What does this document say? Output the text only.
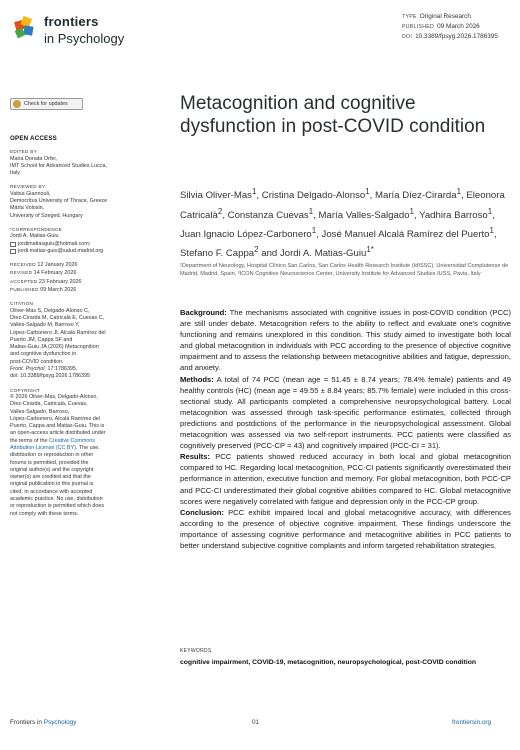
frontiers
in Psychology
TYPE Original Research
PUBLISHED 09 March 2026
DOI 10.3389/fpsyg.2026.1786395
Check for updates
OPEN ACCESS
EDITED BY
Maria Donata Orfei,
IMT School for Advanced Studies Lucca,
Italy
REVIEWED BY
Vaitsa Giannouli,
Democritus University of Thrace, Greece
Márta Volosin,
University of Szeged, Hungary
*CORRESPONDENCE
Jordi A. Matias-Guiu
jordimatiasguiu@hotmail.com;
jordi.matias-guiu@salud.madrid.org
RECEIVED 12 January 2026
REVISED 14 February 2026
ACCEPTED 23 February 2026
PUBLISHED 09 March 2026
CITATION
Oliver-Mas S, Delgado-Alonso C,
Díez-Cirarda M, Catricalà E, Cuevas C,
Valles-Salgado M, Barroso Y,
López-Carbonero JI, Alcalá Ramírez del
Puerto JM, Cappa SF and
Matias-Guiu JA (2026) Metacognition
and cognitive dysfunction in
post-COVID condition.
Front. Psychol. 17:1786395.
doi: 10.3389/fpsyg.2026.1786395
COPYRIGHT
© 2026 Oliver-Mas, Delgado-Alonso,
Díez-Cirarda, Catricalà, Cuevas,
Valles-Salgado, Barroso,
López-Carbonero, Alcalá Ramírez del
Puerto, Cappa and Matias-Guiu. This is
an open-access article distributed under
the terms of the Creative Commons
Attribution License (CC BY). The use,
distribution or reproduction in other
forums is permitted, provided the
original author(s) and the copyright
owner(s) are credited and that the
original publication in this journal is
cited, in accordance with accepted
academic practice. No use, distribution
or reproduction is permitted which does
not comply with these terms.
Metacognition and cognitive dysfunction in post-COVID condition
Silvia Oliver-Mas$^1$, Cristina Delgado-Alonso$^1$, María Díez-Cirarda$^1$, Eleonora Catricalà$^2$, Constanza Cuevas$^1$, María Valles-Salgado$^1$, Yadhira Barroso$^1$, Juan Ignacio López-Carbonero$^1$, José Manuel Alcalá Ramírez del Puerto$^1$, Stefano F. Cappa$^2$ and Jordi A. Matias-Guiu$^{1*}$
¹Department of Neurology, Hospital Clínico San Carlos, San Carlos Health Research Institute (IdISSC), Universidad Complutense de Madrid, Madrid, Spain, ²ICON Cognitive Neuroscience Center, University Institute for Advanced Studies IUSS, Pavia, Italy

Background: The mechanisms associated with cognitive issues in post-COVID condition (PCC) are still under debate. Metacognition refers to the ability to reflect and evaluate one's cognitive functioning and remains unexplored in this condition. This study aimed to investigate both local and global metacognition in individuals with PCC according to the presence of objective cognitive impairment and to assess the relationship between metacognitive abilities and fatigue, depression, and anxiety.

Methods: A total of 74 PCC (mean age = 51.45 ± 8.74 years; 78.4% female) patients and 49 healthy controls (HC) (mean age = 49.55 ± 8.84 years; 85.7% female) were included in this cross-sectional study. All participants completed a comprehensive neuropsychological battery. Local metacognition was assessed through task-specific performance estimates, collected through predictions and postdictions of the performance in the neuropsychological assessment. Global metacognition was assessed via two self-report instruments. PCC patients were classified as cognitively preserved (PCC-CP = 43) and cognitively impaired (PCC-CI = 31).

Results: PCC patients showed reduced accuracy in both local and global metacognition compared to HC. Regarding local metacognition, PCC-CI patients significantly overestimated their performance in attention, executive function and memory. For global metacognition, both PCC-CP and PCC-CI underestimated their global cognitive abilities compared to HC. Global metacognitive scores were negatively correlated with fatigue and depression only in the PCC-CP group.

Conclusion: PCC exhibit impaired local and global metacognitive accuracy, with differences according to the presence of objective cognitive impairment. These findings underscore the importance of assessing cognitive performance and metacognitive abilities in PCC patients to better understand subjective cognitive complaints and inform targeted rehabilitation strategies.

KEYWORDS
cognitive impairment, COVID-19, metacognition, neuropsychological, post-COVID condition
Frontiers in Psychology	01	frontiersin.org
